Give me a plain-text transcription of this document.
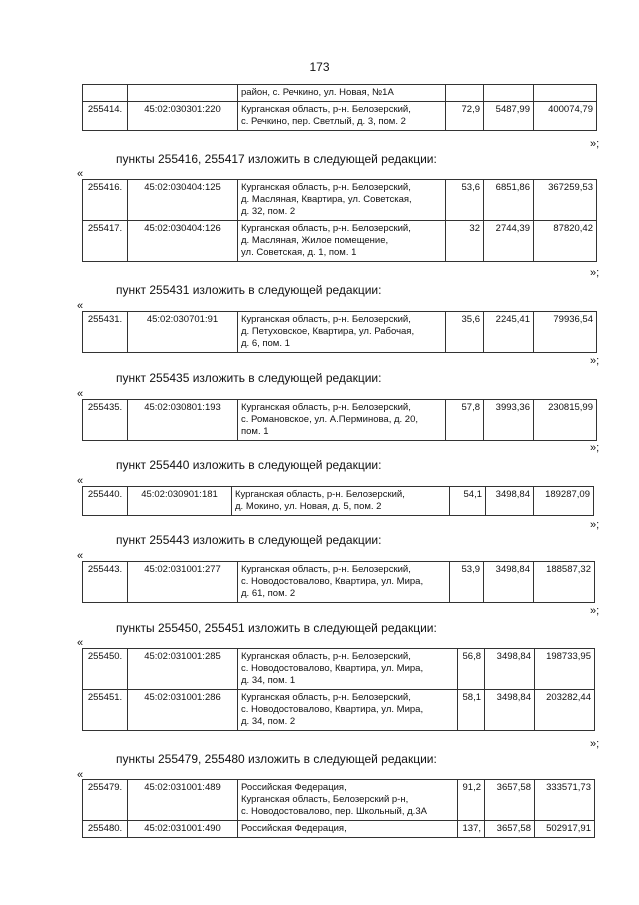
173

		район, с. Речкино, ул. Новая, №1А			

255414.	45:02:030301:220	Курганская область, р-н. Белозерский,
с. Речкино, пер. Светлый, д. 3, пом. 2	72,9	5487,99	400074,79
»;
пункты 255416, 255417 изложить в следующей редакции:
«
255416.	45:02:030404:125	Курганская область, р-н. Белозерский,
д. Масляная, Квартира, ул. Советская,
д. 32, пом. 2	53,6	6851,86	367259,53
255417.	45:02:030404:126	Курганская область, р-н. Белозерский,
д. Масляная, Жилое помещение,
ул. Советская, д. 1, пом. 1	32	2744,39	87820,42
»;
пункт 255431 изложить в следующей редакции:
«
255431.	45:02:030701:91	Курганская область, р-н. Белозерский,
д. Петуховское, Квартира, ул. Рабочая,
д. 6, пом. 1
	35,6	2245,41	79936,54
»;
пункт 255435 изложить в следующей редакции:
«
255435.	45:02:030801:193	Курганская область, р-н. Белозерский,
с. Романовское, ул. А.Перминова, д. 20,
пом. 1
	57,8	3993,36	230815,99
»;
пункт 255440 изложить в следующей редакции:
«
255440.	45:02:030901:181	Курганская область, р-н. Белозерский,
д. Мокино, ул. Новая, д. 5, пом. 2
	54,1	3498,84	189287,09
»;
пункт 255443 изложить в следующей редакции:
«
255443.	45:02:031001:277	Курганская область, р-н. Белозерский,
с. Новодостовалово, Квартира, ул. Мира,
д. 61, пом. 2
	53,9	3498,84	188587,32
»;
пункты 255450, 255451 изложить в следующей редакции:
«
255450.	45:02:031001:285	Курганская область, р-н. Белозерский,
с. Новодостовалово, Квартира, ул. Мира,
д. 34, пом. 1	56,8	3498,84	198733,95
255451.	45:02:031001:286	Курганская область, р-н. Белозерский,
с. Новодостовалово, Квартира, ул. Мира,
д. 34, пом. 2	58,1	3498,84	203282,44
»;
пункты 255479, 255480 изложить в следующей редакции:
«
255479.	45:02:031001:489	Российская Федерация,
Курганская область, Белозерский р-н,
с. Новодостовалово, пер. Школьный, д.3А	91,2	3657,58	333571,73
255480.	45:02:031001:490	Российская Федерация,	137,	3657,58	502917,91
